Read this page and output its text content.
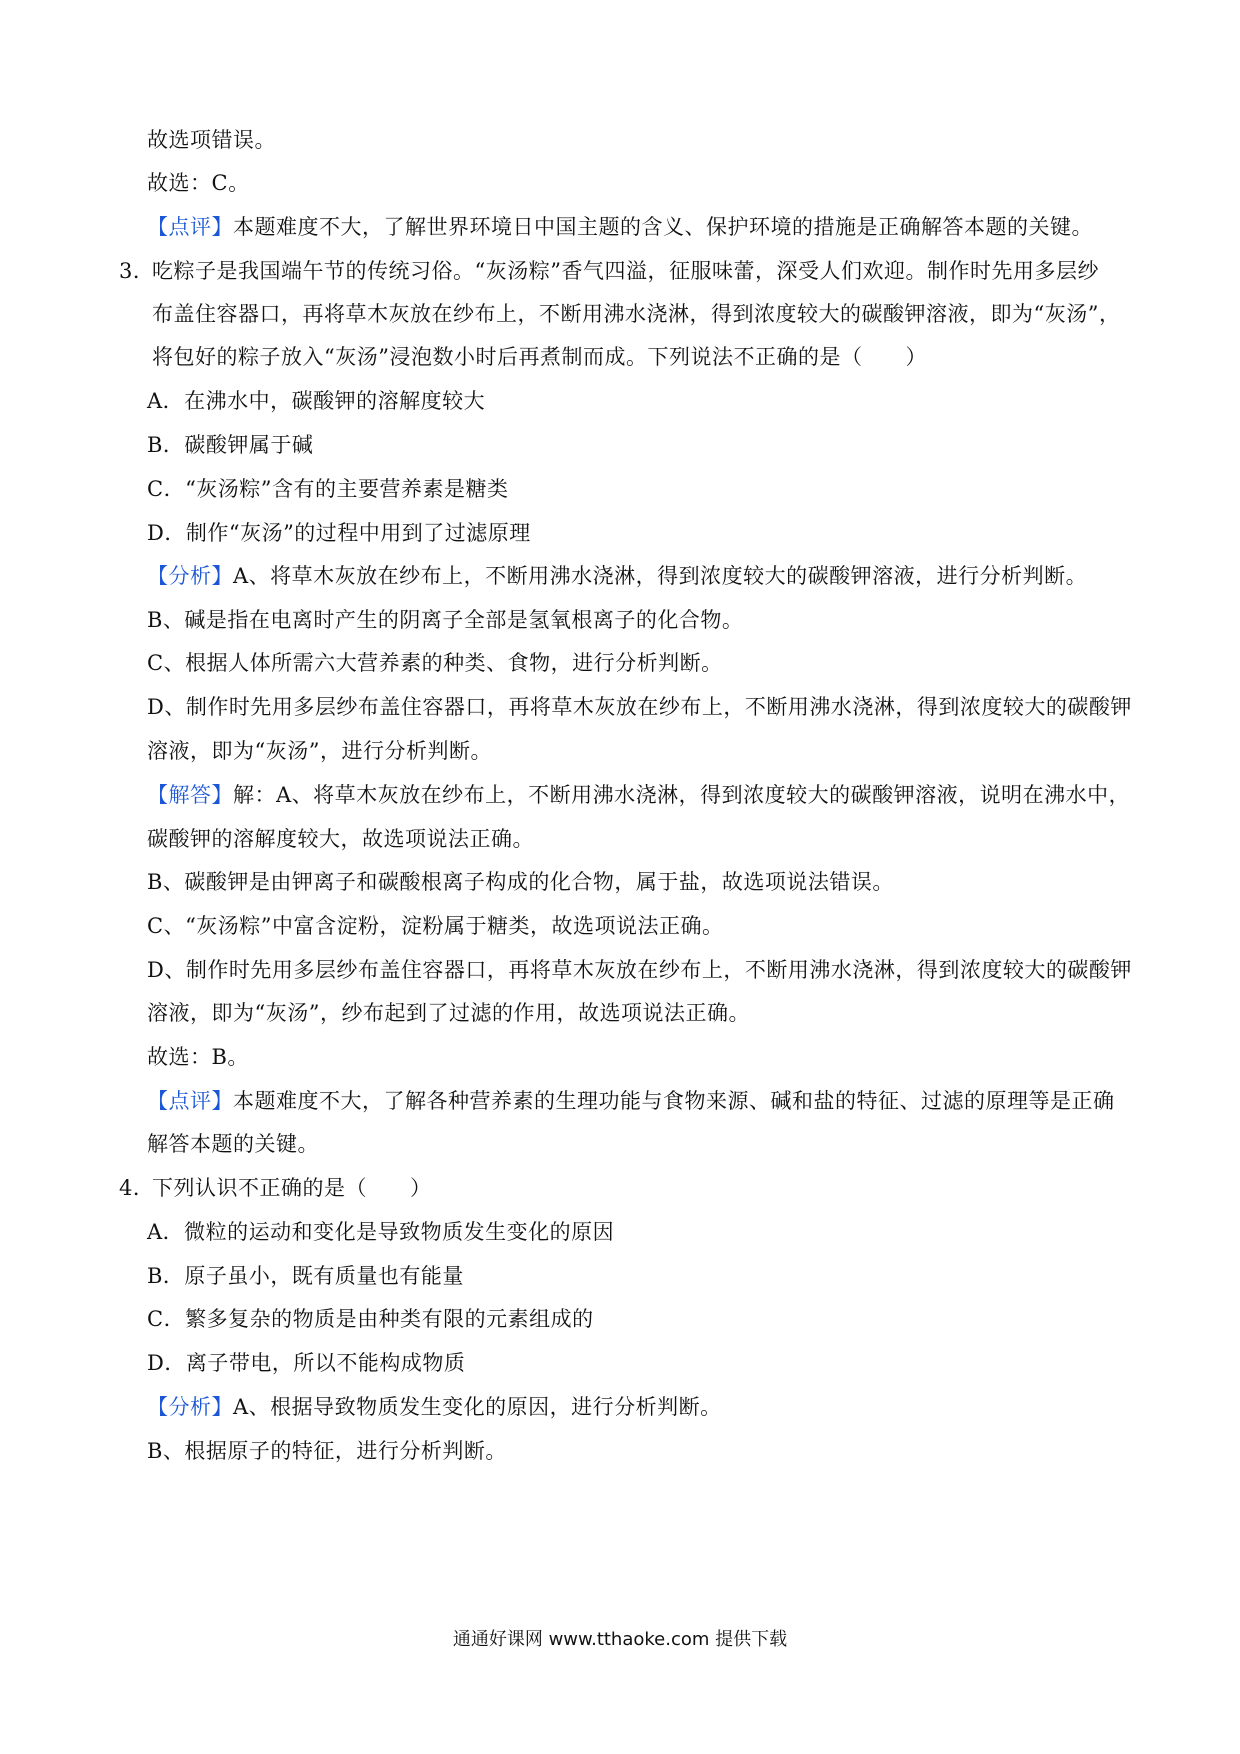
故选项错误。
故选：C。
【点评】本题难度不大，了解世界环境日中国主题的含义、保护环境的措施是正确解答本题的关键。
3．
吃粽子是我国端午节的传统习俗。“灰汤粽”香气四溢，征服味蕾，深受人们欢迎。制作时先用多层纱
布盖住容器口，再将草木灰放在纱布上，不断用沸水浇淋，得到浓度较大的碳酸钾溶液，即为“灰汤”，
将包好的粽子放入“灰汤”浸泡数小时后再煮制而成。下列说法不正确的是（　　）
A．在沸水中，碳酸钾的溶解度较大
B．碳酸钾属于碱
C．“灰汤粽”含有的主要营养素是糖类
D．制作“灰汤”的过程中用到了过滤原理
【分析】A、将草木灰放在纱布上，不断用沸水浇淋，得到浓度较大的碳酸钾溶液，进行分析判断。
B、碱是指在电离时产生的阴离子全部是氢氧根离子的化合物。
C、根据人体所需六大营养素的种类、食物，进行分析判断。
D、制作时先用多层纱布盖住容器口，再将草木灰放在纱布上，不断用沸水浇淋，得到浓度较大的碳酸钾
溶液，即为“灰汤”，进行分析判断。
【解答】解：A、将草木灰放在纱布上，不断用沸水浇淋，得到浓度较大的碳酸钾溶液，说明在沸水中，
碳酸钾的溶解度较大，故选项说法正确。
B、碳酸钾是由钾离子和碳酸根离子构成的化合物，属于盐，故选项说法错误。
C、“灰汤粽”中富含淀粉，淀粉属于糖类，故选项说法正确。
D、制作时先用多层纱布盖住容器口，再将草木灰放在纱布上，不断用沸水浇淋，得到浓度较大的碳酸钾
溶液，即为“灰汤”，纱布起到了过滤的作用，故选项说法正确。
故选：B。
【点评】本题难度不大，了解各种营养素的生理功能与食物来源、碱和盐的特征、过滤的原理等是正确
解答本题的关键。
4．
下列认识不正确的是（　　）
A．微粒的运动和变化是导致物质发生变化的原因
B．原子虽小，既有质量也有能量
C．繁多复杂的物质是由种类有限的元素组成的
D．离子带电，所以不能构成物质
【分析】A、根据导致物质发生变化的原因，进行分析判断。
B、根据原子的特征，进行分析判断。
通通好课网 www.tthaoke.com 提供下载
